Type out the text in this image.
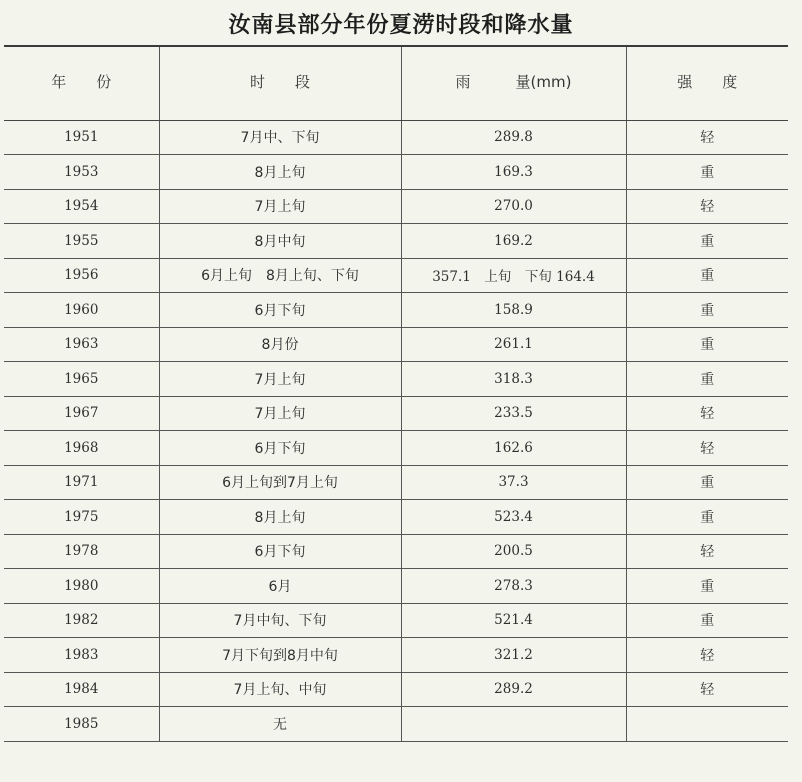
汝南县部分年份夏涝时段和降水量
年　　份	时　　段	雨　　　量(mm)	强　　度
1951	7月中、下旬	289.8	轻
1953	8月上旬	169.3	重
1954	7月上旬	270.0	轻
1955	8月中旬	169.2	重
1956	6月上旬　8月上旬、下旬	357.1　上旬　下旬 164.4	重
1960	6月下旬	158.9	重
1963	8月份	261.1	重
1965	7月上旬	318.3	重
1967	7月上旬	233.5	轻
1968	6月下旬	162.6	轻
1971	6月上旬到7月上旬	37.3	重
1975	8月上旬	523.4	重
1978	6月下旬	200.5	轻
1980	6月	278.3	重
1982	7月中旬、下旬	521.4	重
1983	7月下旬到8月中旬	321.2	轻
1984	7月上旬、中旬	289.2	轻
1985	无		
